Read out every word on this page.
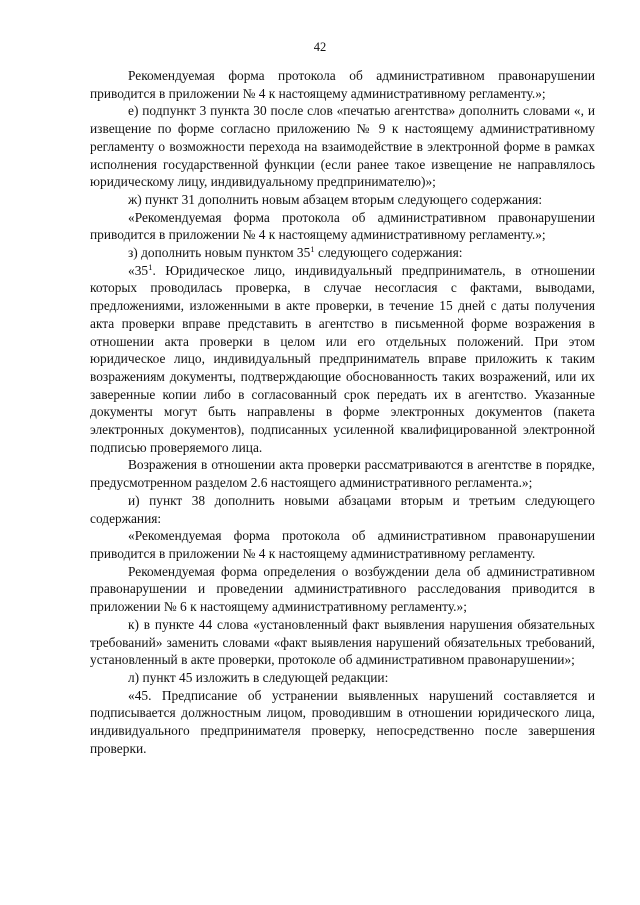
42

Рекомендуемая форма протокола об административном правонарушении приводится в приложении № 4 к настоящему административному регламенту.»;

е) подпункт 3 пункта 30 после слов «печатью агентства» дополнить словами «, и извещение по форме согласно приложению № 9 к настоящему административному регламенту о возможности перехода на взаимодействие в электронной форме в рамках исполнения государственной функции (если ранее такое извещение не направлялось юридическому лицу, индивидуальному предпринимателю)»;

ж) пункт 31 дополнить новым абзацем вторым следующего содержания:

«Рекомендуемая форма протокола об административном правонарушении приводится в приложении № 4 к настоящему административному регламенту.»;

з) дополнить новым пунктом $35^1$ следующего содержания:

«$35^1$. Юридическое лицо, индивидуальный предприниматель, в отношении которых проводилась проверка, в случае несогласия с фактами, выводами, предложениями, изложенными в акте проверки, в течение 15 дней с даты получения акта проверки вправе представить в агентство в письменной форме возражения в отношении акта проверки в целом или его отдельных положений. При этом юридическое лицо, индивидуальный предприниматель вправе приложить к таким возражениям документы, подтверждающие обоснованность таких возражений, или их заверенные копии либо в согласованный срок передать их в агентство. Указанные документы могут быть направлены в форме электронных документов (пакета электронных документов), подписанных усиленной квалифицированной электронной подписью проверяемого лица.

Возражения в отношении акта проверки рассматриваются в агентстве в порядке, предусмотренном разделом 2.6 настоящего административного регламента.»;

и) пункт 38 дополнить новыми абзацами вторым и третьим следующего содержания:

«Рекомендуемая форма протокола об административном правонарушении приводится в приложении № 4 к настоящему административному регламенту.

Рекомендуемая форма определения о возбуждении дела об административном правонарушении и проведении административного расследования приводится в приложении № 6 к настоящему административному регламенту.»;

к) в пункте 44 слова «установленный факт выявления нарушения обязательных требований» заменить словами «факт выявления нарушений обязательных требований, установленный в акте проверки, протоколе об административном правонарушении»;

л) пункт 45 изложить в следующей редакции:

«45. Предписание об устранении выявленных нарушений составляется и подписывается должностным лицом, проводившим в отношении юридического лица, индивидуального предпринимателя проверку, непосредственно после завершения проверки.
